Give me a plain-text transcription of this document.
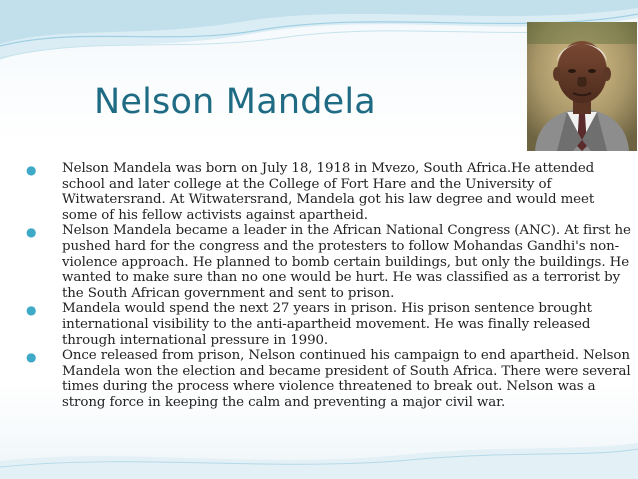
Nelson Mandela
● Nelson Mandela was born on July 18, 1918 in Mvezo, South Africa.He attended school and later college at the College of Fort Hare and the University of Witwatersrand. At Witwatersrand, Mandela got his law degree and would meet some of his fellow activists against apartheid.
● Nelson Mandela became a leader in the African National Congress (ANC). At first he pushed hard for the congress and the protesters to follow Mohandas Gandhi's non-violence approach. He planned to bomb certain buildings, but only the buildings. He wanted to make sure than no one would be hurt. He was classified as a terrorist by the South African government and sent to prison.
● Mandela would spend the next 27 years in prison. His prison sentence brought international visibility to the anti-apartheid movement. He was finally released through international pressure in 1990.
● Once released from prison, Nelson continued his campaign to end apartheid. Nelson Mandela won the election and became president of South Africa. There were several times during the process where violence threatened to break out. Nelson was a strong force in keeping the calm and preventing a major civil war.
